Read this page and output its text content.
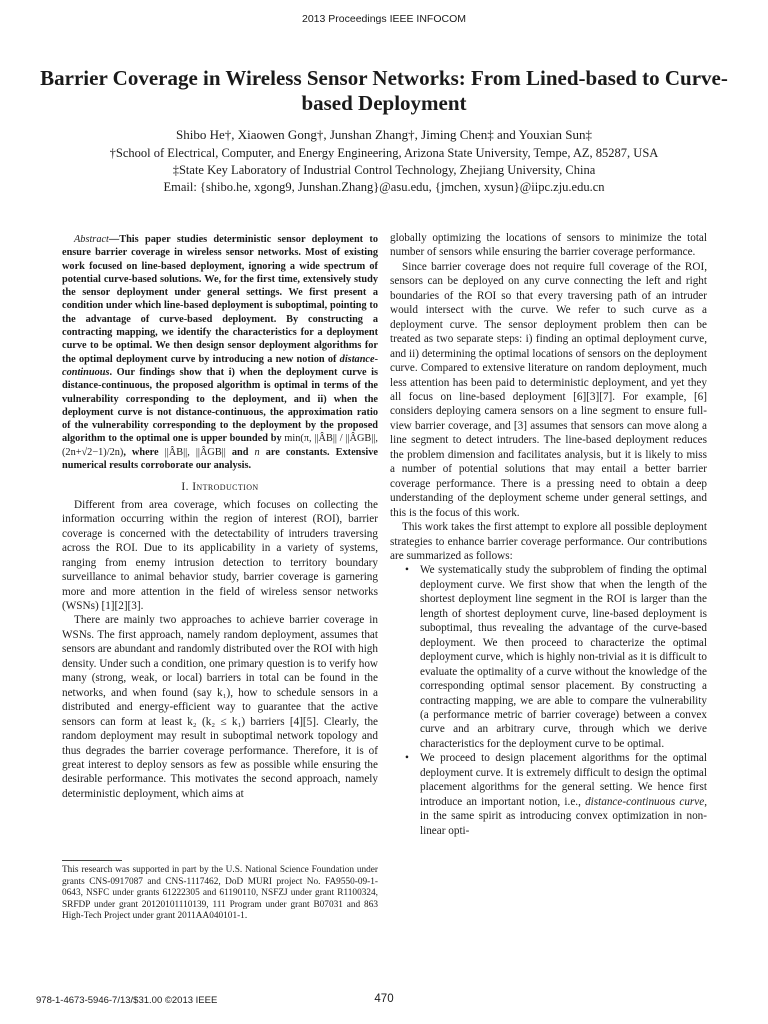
2013 Proceedings IEEE INFOCOM
Barrier Coverage in Wireless Sensor Networks: From Lined-based to Curve-based Deployment
Shibo He†, Xiaowen Gong†, Junshan Zhang†, Jiming Chen‡ and Youxian Sun‡
†School of Electrical, Computer, and Energy Engineering, Arizona State University, Tempe, AZ, 85287, USA
‡State Key Laboratory of Industrial Control Technology, Zhejiang University, China
Email: {shibo.he, xgong9, Junshan.Zhang}@asu.edu, {jmchen, xysun}@iipc.zju.edu.cn

Abstract—This paper studies deterministic sensor deployment to ensure barrier coverage in wireless sensor networks. Most of existing work focused on line-based deployment, ignoring a wide spectrum of potential curve-based solutions. We, for the first time, extensively study the sensor deployment under general settings. We first present a condition under which line-based deployment is suboptimal, pointing to the advantage of curve-based deployment. By constructing a contracting mapping, we identify the characteristics for a deployment curve to be optimal. We then design sensor deployment algorithms for the optimal deployment curve by introducing a new notion of distance-continuous. Our findings show that i) when the deployment curve is distance-continuous, the proposed algorithm is optimal in terms of the vulnerability corresponding to the deployment, and ii) when the deployment curve is not distance-continuous, the approximation ratio of the vulnerability corresponding to the deployment by the proposed algorithm to the optimal one is upper bounded by min(π, ||ÂB|| / ||ÂGB||, (2n+√2−1)/2n), where ||ÂB||, ||ÂGB|| and n are constants. Extensive numerical results corroborate our analysis.

I. Introduction

Different from area coverage, which focuses on collecting the information occurring within the region of interest (ROI), barrier coverage is concerned with the detectability of intruders traversing across the ROI. Due to its applicability in a variety of systems, ranging from enemy intrusion detection to territory boundary surveillance to animal behavior study, barrier coverage is garnering more and more attention in the field of wireless sensor networks (WSNs) [1][2][3].

There are mainly two approaches to achieve barrier coverage in WSNs. The first approach, namely random deployment, assumes that sensors are abundant and randomly distributed over the ROI with high density. Under such a condition, one primary question is to verify how many (strong, weak, or local) barriers in total can be found in the networks, and when found (say k₁), how to schedule sensors in a distributed and energy-efficient way to guarantee that the active sensors can form at least k₂ (k₂ ≤ k₁) barriers [4][5]. Clearly, the random deployment may result in suboptimal network topology and thus degrades the barrier coverage performance. Therefore, it is of great interest to deploy sensors as few as possible while ensuring the desirable performance. This motivates the second approach, namely deterministic deployment, which aims at

This research was supported in part by the U.S. National Science Foundation under grants CNS-0917087 and CNS-1117462, DoD MURI project No. FA9550-09-1-0643, NSFC under grants 61222305 and 61190110, NSFZJ under grant R1100324, SRFDP under grant 20120101110139, 111 Program under grant B07031 and 863 High-Tech Project under grant 2011AA040101-1.

globally optimizing the locations of sensors to minimize the total number of sensors while ensuring the barrier coverage performance.

Since barrier coverage does not require full coverage of the ROI, sensors can be deployed on any curve connecting the left and right boundaries of the ROI so that every traversing path of an intruder would intersect with the curve. We refer to such curve as a deployment curve. The sensor deployment problem then can be treated as two separate steps: i) finding an optimal deployment curve, and ii) determining the optimal locations of sensors on the deployment curve. Compared to extensive literature on random deployment, much less attention has been paid to deterministic deployment, and yet they all focus on line-based deployment [6][3][7]. For example, [6] considers deploying camera sensors on a line segment to ensure full-view barrier coverage, and [3] assumes that sensors can move along a line segment to detect intruders. The line-based deployment reduces the problem dimension and facilitates analysis, but it is likely to miss a number of potential solutions that may entail a better barrier coverage performance. There is a pressing need to obtain a deep understanding of the deployment scheme under general settings, and this is the focus of this work.

This work takes the first attempt to explore all possible deployment strategies to enhance barrier coverage performance. Our contributions are summarized as follows:

• We systematically study the subproblem of finding the optimal deployment curve. We first show that when the length of the shortest deployment line segment in the ROI is larger than the length of shortest deployment curve, line-based deployment is suboptimal, thus revealing the advantage of the curve-based deployment. We then proceed to characterize the optimal deployment curve, which is highly non-trivial as it is difficult to evaluate the optimality of a curve without the knowledge of the corresponding optimal sensor placement. By constructing a contracting mapping, we are able to compare the vulnerability (a performance metric of barrier coverage) between a convex curve and an arbitrary curve, through which we derive characteristics for the deployment curve to be optimal.
• We proceed to design placement algorithms for the optimal deployment curve. It is extremely difficult to design the optimal placement algorithms for the general setting. We hence first introduce an important notion, i.e., distance-continuous curve, in the same spirit as introducing convex optimization in non-linear opti-
978-1-4673-5946-7/13/$31.00 ©2013 IEEE	470
